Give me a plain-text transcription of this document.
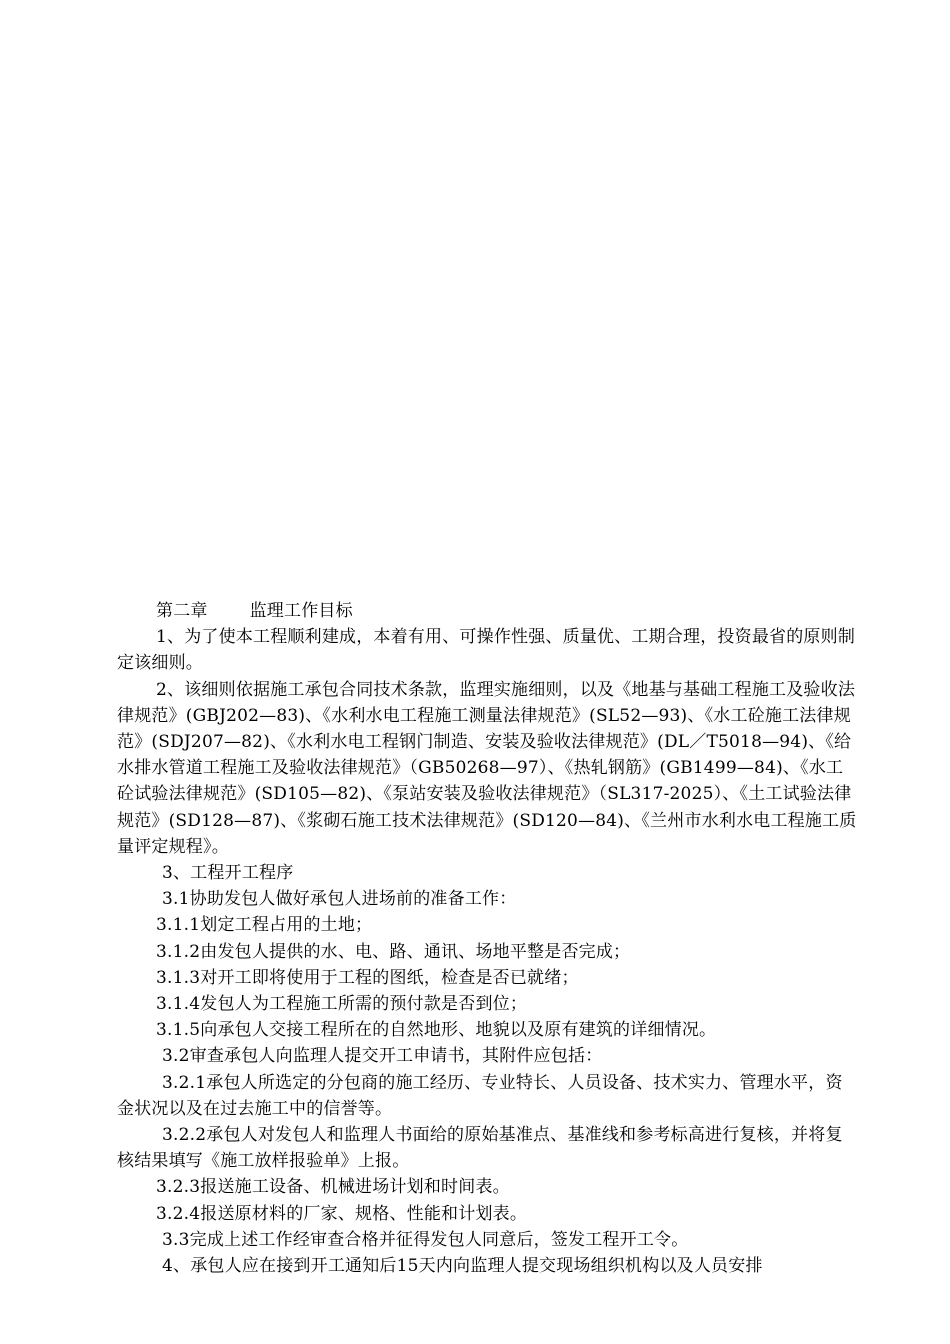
第二章 监理工作目标

1、为了使本工程顺利建成，本着有用、可操作性强、质量优、工期合理，投资最省的原则制定该细则。

2、该细则依据施工承包合同技术条款，监理实施细则，以及《地基与基础工程施工及验收法律规范》(GBJ202—83)、《水利水电工程施工测量法律规范》(SL52—93)、《水工砼施工法律规范》(SDJ207—82)、《水利水电工程钢门制造、安装及验收法律规范》(DL／T5018—94)、《给水排水管道工程施工及验收法律规范》（GB50268—97）、《热轧钢筋》(GB1499—84)、《水工砼试验法律规范》(SD105—82)、《泵站安装及验收法律规范》（SL317-2025）、《土工试验法律规范》(SD128—87)、《浆砌石施工技术法律规范》(SD120—84)、《兰州市水利水电工程施工质量评定规程》。

3、工程开工程序

3.1协助发包人做好承包人进场前的准备工作：

3.1.1划定工程占用的土地；

3.1.2由发包人提供的水、电、路、通讯、场地平整是否完成；

3.1.3对开工即将使用于工程的图纸，检查是否已就绪；

3.1.4发包人为工程施工所需的预付款是否到位；

3.1.5向承包人交接工程所在的自然地形、地貌以及原有建筑的详细情况。

3.2审查承包人向监理人提交开工申请书，其附件应包括：

3.2.1承包人所选定的分包商的施工经历、专业特长、人员设备、技术实力、管理水平，资金状况以及在过去施工中的信誉等。

3.2.2承包人对发包人和监理人书面给的原始基准点、基准线和参考标高进行复核，并将复核结果填写《施工放样报验单》上报。

3.2.3报送施工设备、机械进场计划和时间表。

3.2.4报送原材料的厂家、规格、性能和计划表。

3.3完成上述工作经审查合格并征得发包人同意后，签发工程开工令。

4、承包人应在接到开工通知后15天内向监理人提交现场组织机构以及人员安排
